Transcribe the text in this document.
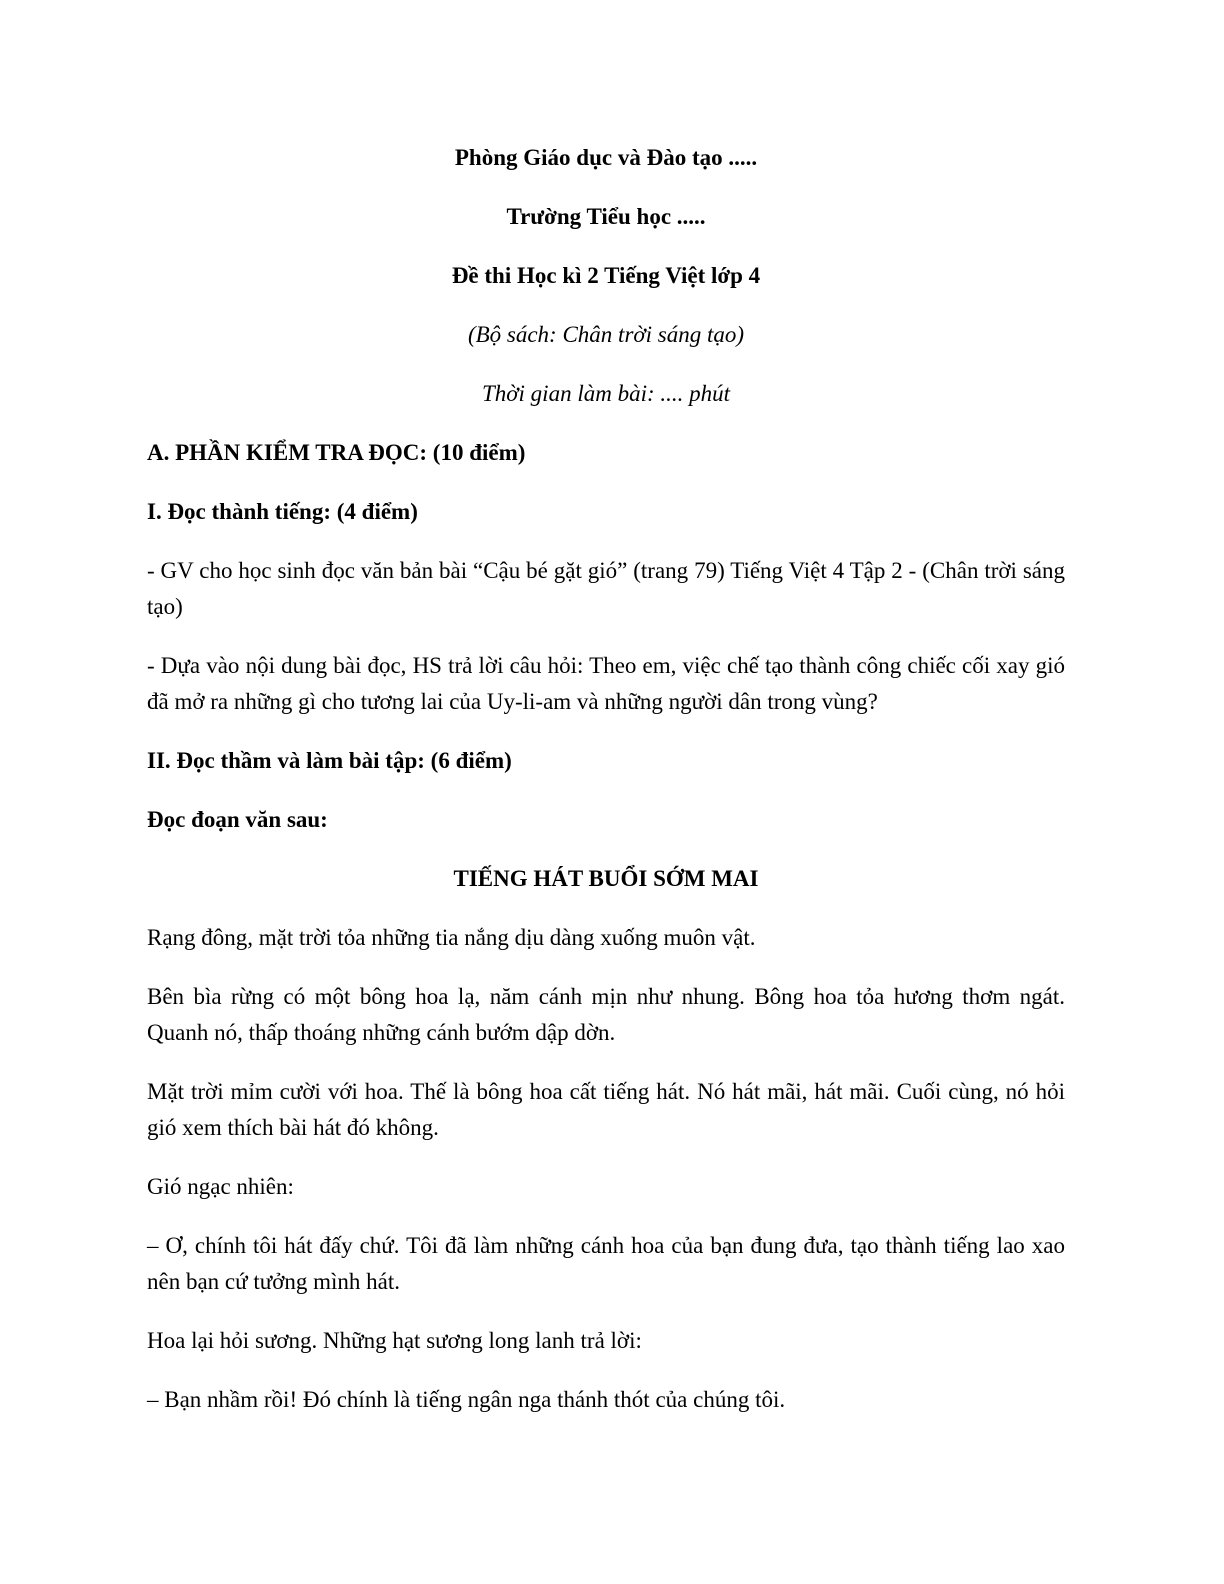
Phòng Giáo dục và Đào tạo .....

Trường Tiểu học .....

Đề thi Học kì 2 Tiếng Việt lớp 4

(Bộ sách: Chân trời sáng tạo)

Thời gian làm bài: .... phút

A. PHẦN KIỂM TRA ĐỌC: (10 điểm)

I. Đọc thành tiếng: (4 điểm)

- GV cho học sinh đọc văn bản bài “Cậu bé gặt gió” (trang 79) Tiếng Việt 4 Tập 2 - (Chân trời sáng tạo)

- Dựa vào nội dung bài đọc, HS trả lời câu hỏi: Theo em, việc chế tạo thành công chiếc cối xay gió đã mở ra những gì cho tương lai của Uy-li-am và những người dân trong vùng?

II. Đọc thầm và làm bài tập: (6 điểm)

Đọc đoạn văn sau:

TIẾNG HÁT BUỔI SỚM MAI

Rạng đông, mặt trời tỏa những tia nắng dịu dàng xuống muôn vật.

Bên bìa rừng có một bông hoa lạ, năm cánh mịn như nhung. Bông hoa tỏa hương thơm ngát. Quanh nó, thấp thoáng những cánh bướm dập dờn.

Mặt trời mỉm cười với hoa. Thế là bông hoa cất tiếng hát. Nó hát mãi, hát mãi. Cuối cùng, nó hỏi gió xem thích bài hát đó không.

Gió ngạc nhiên:

– Ơ, chính tôi hát đấy chứ. Tôi đã làm những cánh hoa của bạn đung đưa, tạo thành tiếng lao xao nên bạn cứ tưởng mình hát.

Hoa lại hỏi sương. Những hạt sương long lanh trả lời:

– Bạn nhầm rồi! Đó chính là tiếng ngân nga thánh thót của chúng tôi.
